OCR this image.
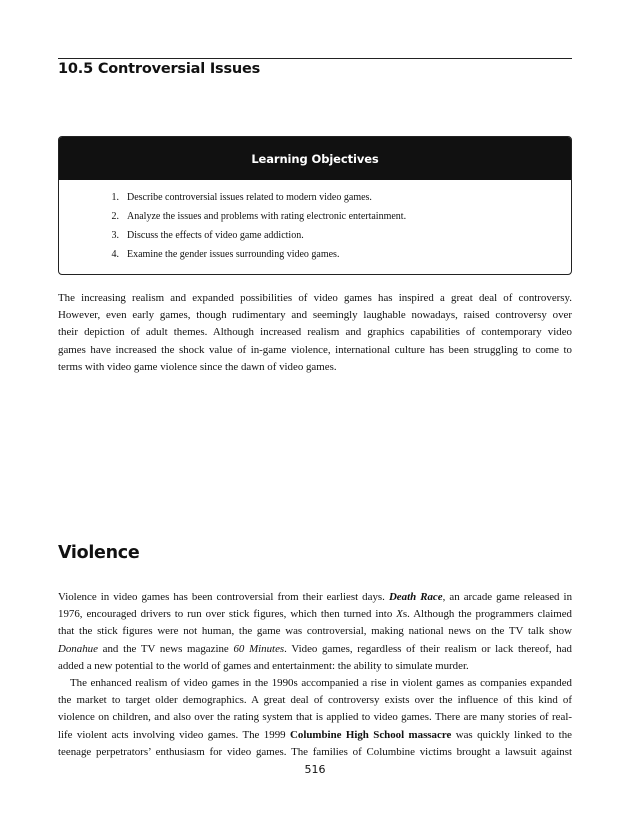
10.5 Controversial Issues
Learning Objectives
1. Describe controversial issues related to modern video games.
2. Analyze the issues and problems with rating electronic entertainment.
3. Discuss the effects of video game addiction.
4. Examine the gender issues surrounding video games.
The increasing realism and expanded possibilities of video games has inspired a great deal of controversy.
However, even early games, though rudimentary and seemingly laughable nowadays, raised controversy over
their depiction of adult themes. Although increased realism and graphics capabilities of contemporary video
games have increased the shock value of in-game violence, international culture has been struggling to come to
terms with video game violence since the dawn of video games.
Violence
Violence in video games has been controversial from their earliest days. Death Race, an arcade game released in
1976, encouraged drivers to run over stick figures, which then turned into Xs. Although the programmers claimed
that the stick figures were not human, the game was controversial, making national news on the TV talk show
Donahue and the TV news magazine 60 Minutes. Video games, regardless of their realism or lack thereof, had
added a new potential to the world of games and entertainment: the ability to simulate murder.
The enhanced realism of video games in the 1990s accompanied a rise in violent games as companies expanded
the market to target older demographics. A great deal of controversy exists over the influence of this kind of
violence on children, and also over the rating system that is applied to video games. There are many stories of real-
life violent acts involving video games. The 1999 Columbine High School massacre was quickly linked to the
teenage perpetrators’ enthusiasm for video games. The families of Columbine victims brought a lawsuit against
516
